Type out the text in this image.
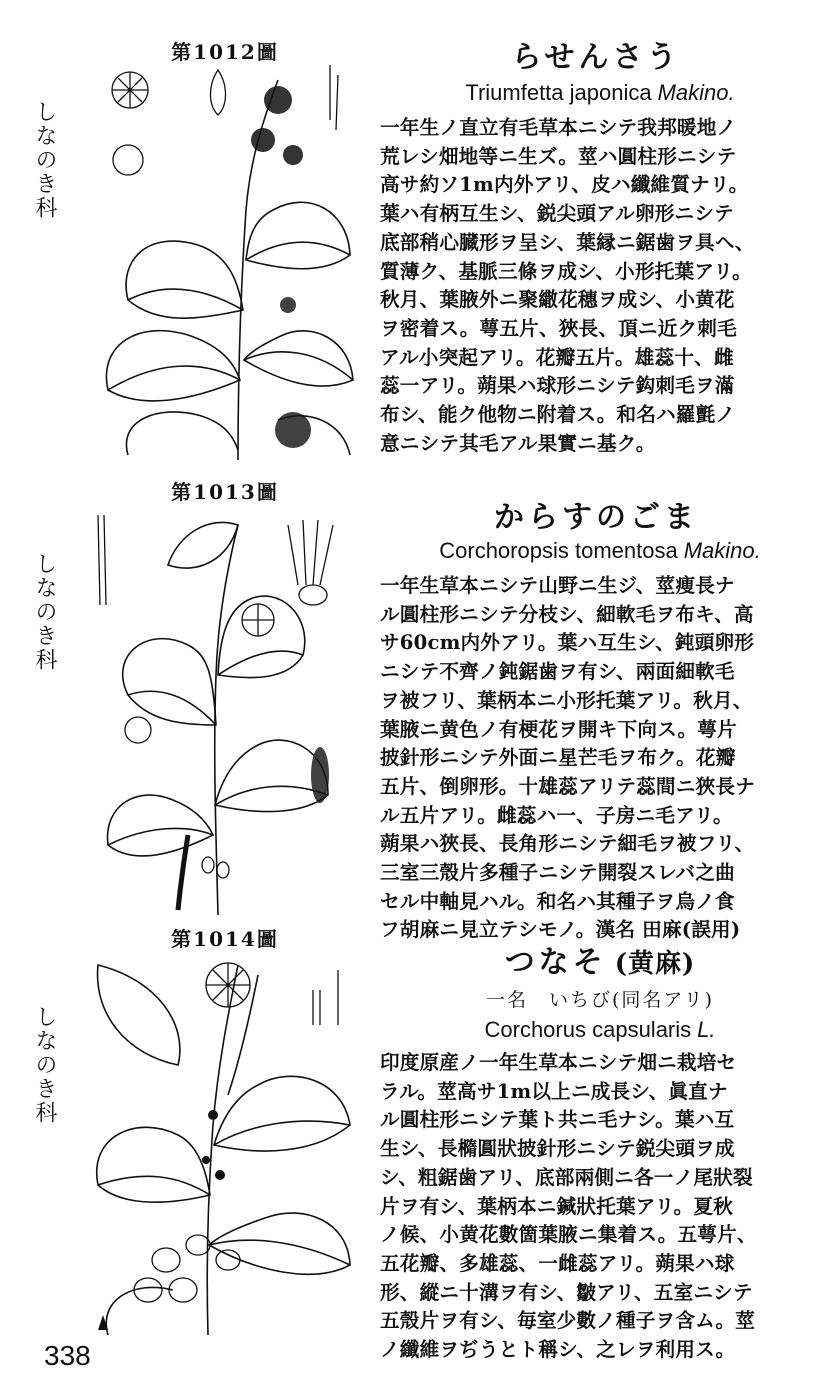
第1012圖
しなのき科
らせんさう
Triumfetta japonica Makino.
一年生ノ直立有毛草本ニシテ我邦暖地ノ
荒レシ畑地等ニ生ズ。莖ハ圓柱形ニシテ
高サ約ソ1m内外アリ、皮ハ纖維質ナリ。
葉ハ有柄互生シ、鋭尖頭アル卵形ニシテ
底部稍心臓形ヲ呈シ、葉縁ニ鋸歯ヲ具ヘ、
質薄ク、基脈三條ヲ成シ、小形托葉アリ。
秋月、葉腋外ニ聚繖花穗ヲ成シ、小黄花
ヲ密着ス。萼五片、狹長、頂ニ近ク刺毛
アル小突起アリ。花瓣五片。雄蕊十、雌
蕊一アリ。蒴果ハ球形ニシテ鈎刺毛ヲ滿
布シ、能ク他物ニ附着ス。和名ハ羅氈ノ
意ニシテ其毛アル果實ニ基ク。
第1013圖
しなのき科
からすのごま
Corchoropsis tomentosa Makino.
一年生草本ニシテ山野ニ生ジ、莖痩長ナ
ル圓柱形ニシテ分枝シ、細軟毛ヲ布キ、高
サ60cm内外アリ。葉ハ互生シ、鈍頭卵形
ニシテ不齊ノ鈍鋸歯ヲ有シ、兩面細軟毛
ヲ被フリ、葉柄本ニ小形托葉アリ。秋月、
葉腋ニ黄色ノ有梗花ヲ開キ下向ス。萼片
披針形ニシテ外面ニ星芒毛ヲ布ク。花瓣
五片、倒卵形。十雄蕊アリテ蕊間ニ狹長ナ
ル五片アリ。雌蕊ハ一、子房ニ毛アリ。
蒴果ハ狹長、長角形ニシテ細毛ヲ被フリ、
三室三殼片多種子ニシテ開裂スレバ之曲
セル中軸見ハル。和名ハ其種子ヲ烏ノ食
フ胡麻ニ見立テシモノ。漢名 田麻(誤用)
第1014圖
しなのき科
つなそ (黄麻)
一名　いちび(同名アリ)
Corchorus capsularis L.
印度原産ノ一年生草本ニシテ畑ニ栽培セ
ラル。莖高サ1m以上ニ成長シ、眞直ナ
ル圓柱形ニシテ葉ト共ニ毛ナシ。葉ハ互
生シ、長橢圓狀披針形ニシテ鋭尖頭ヲ成
シ、粗鋸歯アリ、底部兩側ニ各一ノ尾狀裂
片ヲ有シ、葉柄本ニ鍼狀托葉アリ。夏秋
ノ候、小黄花數箇葉腋ニ集着ス。五萼片、
五花瓣、多雄蕊、一雌蕊アリ。蒴果ハ球
形、縱ニ十溝ヲ有シ、皺アリ、五室ニシテ
五殼片ヲ有シ、毎室少數ノ種子ヲ含ム。莖
ノ纖維ヲぢうとト稱シ、之レヲ利用ス。
338
